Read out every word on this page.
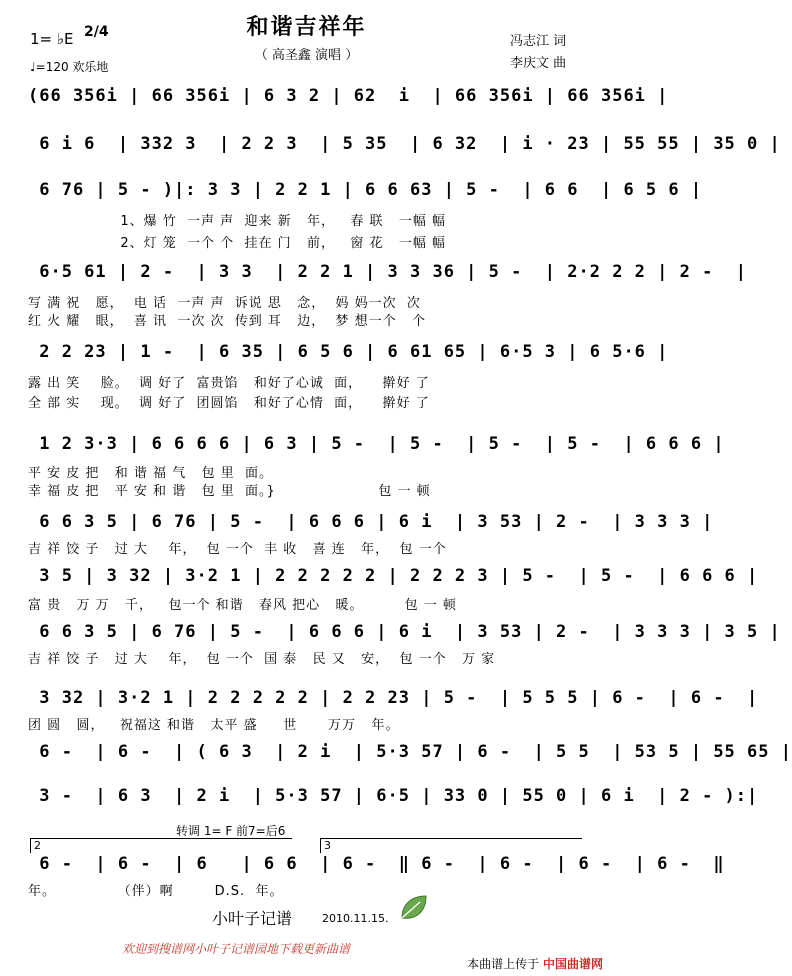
和谐吉祥年
（ 高圣鑫 演唱 ）
1= ♭E 2/4
♩=120 欢乐地
冯志江 词
李庆文 曲
(66 356i | 66 356i | 6 3 2 | 62  i  | 66 356i | 66 356i |
6 i 6  | 332 3  | 2 2 3  | 5 35  | 6 32  | i · 23 | 55 55 | 35 0 |
6 76 | 5 - )|: 3 3 | 2 2 1 | 6 6 63 | 5 -  | 6 6  | 6 5 6 |
1、爆 竹  一声 声  迎来 新   年，   春 联   一幅 幅
2、灯 笼  一个 个  挂在 门   前，   窗 花   一幅 幅
6·5 61 | 2 -  | 3 3  | 2 2 1 | 3 3 36 | 5 -  | 2·2 2 2 | 2 -  |
写 满 祝   愿，  电 话  一声 声  诉说 思   念，  妈 妈一次  次
红 火 耀   眼，  喜 讯  一次 次  传到 耳   边，  梦 想一个   个
2 2 23 | 1 -  | 6 35 | 6 5 6 | 6 61 65 | 6·5 3 | 6 5·6 |
露 出 笑    脸。  调 好了  富贵馅   和好了心诚  面，    擀好 了
全 部 实    现。  调 好了  团圆馅   和好了心情  面，    擀好 了
1 2 3·3 | 6 6 6 6 | 6 3 | 5 -  | 5 -  | 5 -  | 5 -  | 6 6 6 |
平 安 皮 把   和 谐 福 气   包 里  面。
幸 福 皮 把   平 安 和 谐   包 里  面。}                    包 一 顿
6 6 3 5 | 6 76 | 5 -  | 6 6 6 | 6 i  | 3 53 | 2 -  | 3 3 3 |
吉 祥 饺 子   过 大    年，  包 一个  丰 收   喜 连   年，  包 一个
3 5 | 3 32 | 3·2 1 | 2 2 2 2 2 | 2 2 2 3 | 5 -  | 5 -  | 6 6 6 |
富 贵   万 万   千，   包一个 和谐   春风 把心   暖。        包 一 顿
6 6 3 5 | 6 76 | 5 -  | 6 6 6 | 6 i  | 3 53 | 2 -  | 3 3 3 | 3 5 |
吉 祥 饺 子   过 大    年，  包 一个  国 泰   民 又   安，  包 一个   万 家
3 32 | 3·2 1 | 2 2 2 2 2 | 2 2 23 | 5 -  | 5 5 5 | 6 -  | 6 -  |
团 圆   圆，   祝福这 和谐   太平 盛     世      万万   年。
6 -  | 6 -  | ( 6 3  | 2 i  | 5·3 57 | 6 -  | 5 5  | 53 5 | 55 65 |
3 -  | 6 3  | 2 i  | 5·3 57 | 6·5 | 33 0 | 55 0 | 6 i  | 2 - ):|
转调 1= F 前7=后6
2	3
6 -  | 6 -  | 6   | 6 6  | 6 -  ‖ 6 -  | 6 -  | 6 -  | 6 -  ‖
年。            （伴）啊        D.S.  年。
小叶子记谱	2010.11.15.
欢迎到搜谱网小叶子记谱园地下载更新曲谱
本曲谱上传于 中国曲谱网
